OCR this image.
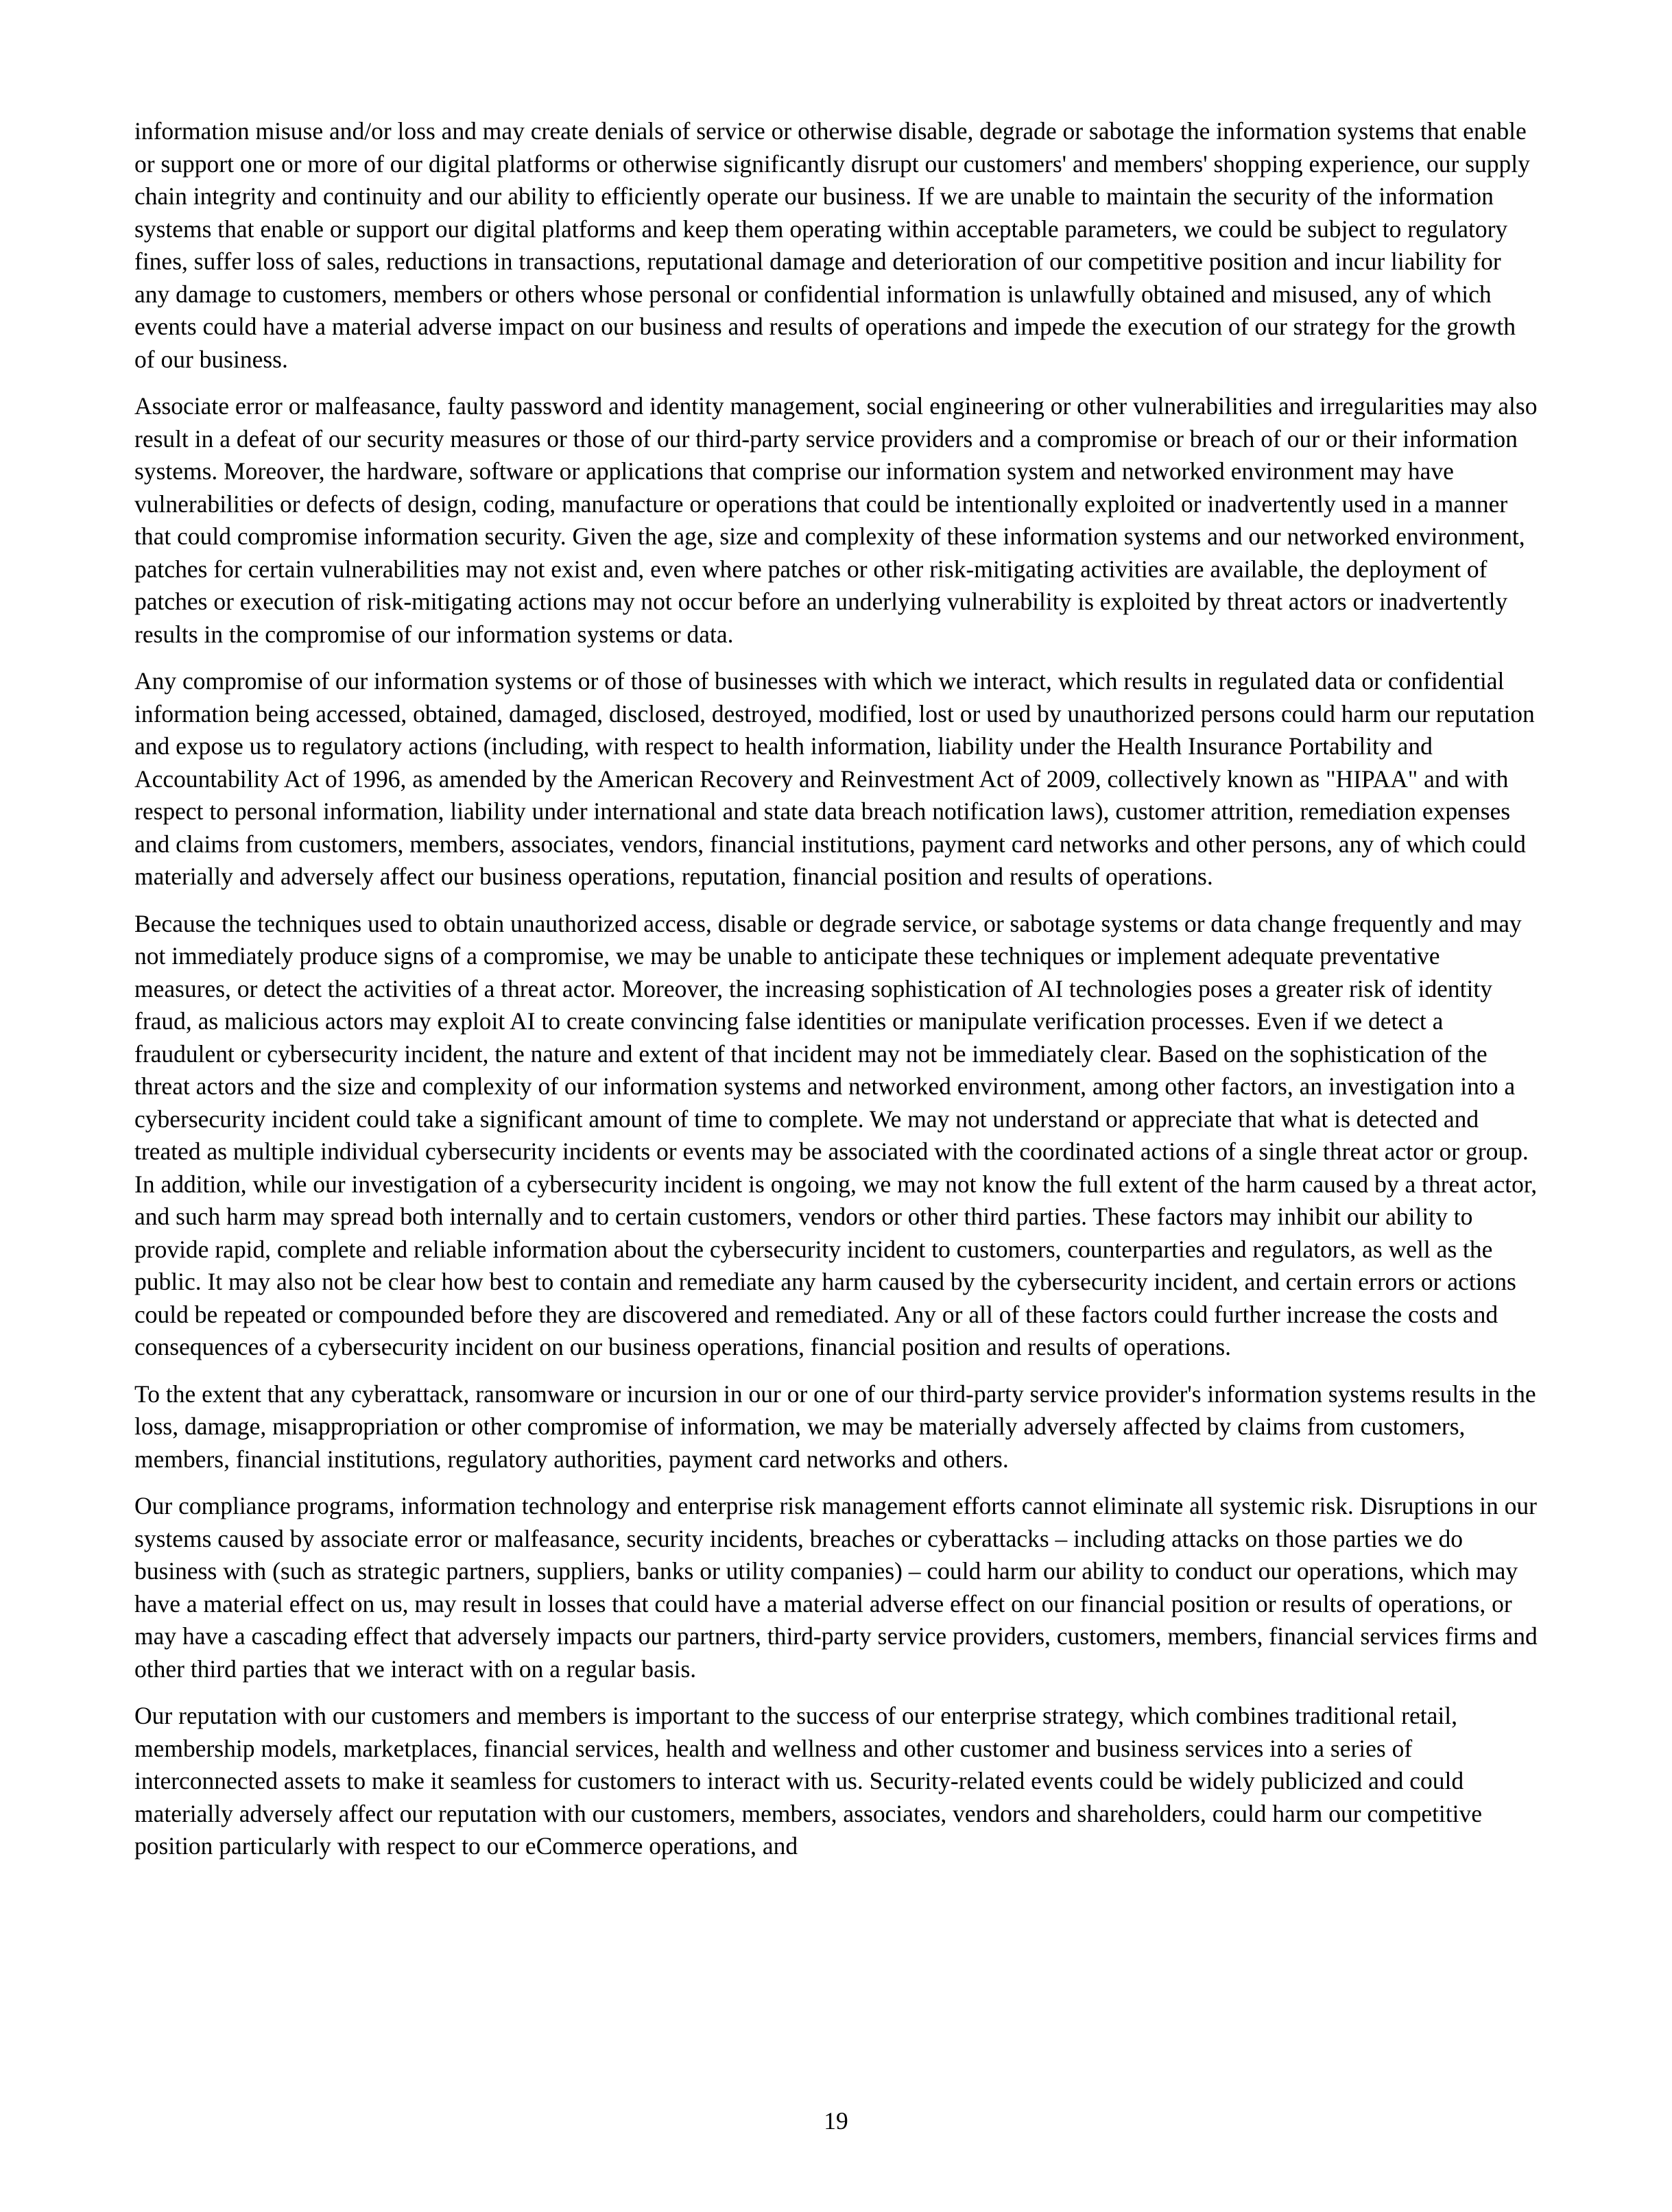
information misuse and/or loss and may create denials of service or otherwise disable, degrade or sabotage the information systems that enable or support one or more of our digital platforms or otherwise significantly disrupt our customers' and members' shopping experience, our supply chain integrity and continuity and our ability to efficiently operate our business. If we are unable to maintain the security of the information systems that enable or support our digital platforms and keep them operating within acceptable parameters, we could be subject to regulatory fines, suffer loss of sales, reductions in transactions, reputational damage and deterioration of our competitive position and incur liability for any damage to customers, members or others whose personal or confidential information is unlawfully obtained and misused, any of which events could have a material adverse impact on our business and results of operations and impede the execution of our strategy for the growth of our business.

Associate error or malfeasance, faulty password and identity management, social engineering or other vulnerabilities and irregularities may also result in a defeat of our security measures or those of our third-party service providers and a compromise or breach of our or their information systems. Moreover, the hardware, software or applications that comprise our information system and networked environment may have vulnerabilities or defects of design, coding, manufacture or operations that could be intentionally exploited or inadvertently used in a manner that could compromise information security. Given the age, size and complexity of these information systems and our networked environment, patches for certain vulnerabilities may not exist and, even where patches or other risk-mitigating activities are available, the deployment of patches or execution of risk-mitigating actions may not occur before an underlying vulnerability is exploited by threat actors or inadvertently results in the compromise of our information systems or data.

Any compromise of our information systems or of those of businesses with which we interact, which results in regulated data or confidential information being accessed, obtained, damaged, disclosed, destroyed, modified, lost or used by unauthorized persons could harm our reputation and expose us to regulatory actions (including, with respect to health information, liability under the Health Insurance Portability and Accountability Act of 1996, as amended by the American Recovery and Reinvestment Act of 2009, collectively known as "HIPAA" and with respect to personal information, liability under international and state data breach notification laws), customer attrition, remediation expenses and claims from customers, members, associates, vendors, financial institutions, payment card networks and other persons, any of which could materially and adversely affect our business operations, reputation, financial position and results of operations.

Because the techniques used to obtain unauthorized access, disable or degrade service, or sabotage systems or data change frequently and may not immediately produce signs of a compromise, we may be unable to anticipate these techniques or implement adequate preventative measures, or detect the activities of a threat actor. Moreover, the increasing sophistication of AI technologies poses a greater risk of identity fraud, as malicious actors may exploit AI to create convincing false identities or manipulate verification processes. Even if we detect a fraudulent or cybersecurity incident, the nature and extent of that incident may not be immediately clear. Based on the sophistication of the threat actors and the size and complexity of our information systems and networked environment, among other factors, an investigation into a cybersecurity incident could take a significant amount of time to complete. We may not understand or appreciate that what is detected and treated as multiple individual cybersecurity incidents or events may be associated with the coordinated actions of a single threat actor or group. In addition, while our investigation of a cybersecurity incident is ongoing, we may not know the full extent of the harm caused by a threat actor, and such harm may spread both internally and to certain customers, vendors or other third parties. These factors may inhibit our ability to provide rapid, complete and reliable information about the cybersecurity incident to customers, counterparties and regulators, as well as the public. It may also not be clear how best to contain and remediate any harm caused by the cybersecurity incident, and certain errors or actions could be repeated or compounded before they are discovered and remediated. Any or all of these factors could further increase the costs and consequences of a cybersecurity incident on our business operations, financial position and results of operations.

To the extent that any cyberattack, ransomware or incursion in our or one of our third-party service provider's information systems results in the loss, damage, misappropriation or other compromise of information, we may be materially adversely affected by claims from customers, members, financial institutions, regulatory authorities, payment card networks and others.

Our compliance programs, information technology and enterprise risk management efforts cannot eliminate all systemic risk. Disruptions in our systems caused by associate error or malfeasance, security incidents, breaches or cyberattacks – including attacks on those parties we do business with (such as strategic partners, suppliers, banks or utility companies) – could harm our ability to conduct our operations, which may have a material effect on us, may result in losses that could have a material adverse effect on our financial position or results of operations, or may have a cascading effect that adversely impacts our partners, third-party service providers, customers, members, financial services firms and other third parties that we interact with on a regular basis.

Our reputation with our customers and members is important to the success of our enterprise strategy, which combines traditional retail, membership models, marketplaces, financial services, health and wellness and other customer and business services into a series of interconnected assets to make it seamless for customers to interact with us. Security-related events could be widely publicized and could materially adversely affect our reputation with our customers, members, associates, vendors and shareholders, could harm our competitive position particularly with respect to our eCommerce operations, and

19
